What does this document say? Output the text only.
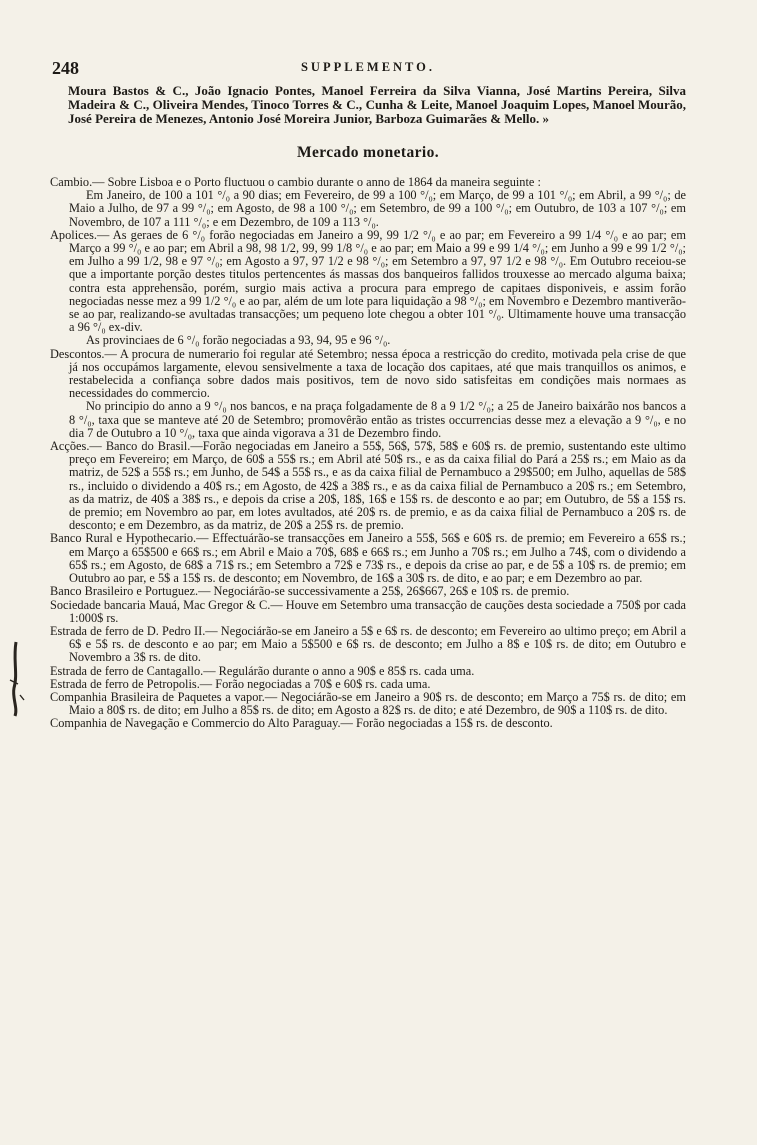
248	SUPPLEMENTO.

Moura Bastos & C., João Ignacio Pontes, Manoel Ferreira da Silva Vianna, José Martins Pereira, Silva Madeira & C., Oliveira Mendes, Tinoco Torres & C., Cunha & Leite, Manoel Joaquim Lopes, Manoel Mourão, José Pereira de Menezes, Antonio José Moreira Junior, Barboza Guimarães & Mello. »

Mercado monetario.

Cambio.— Sobre Lisboa e o Porto fluctuou o cambio durante o anno de 1864 da maneira seguinte :

Em Janeiro, de 100 a 101 °/₀ a 90 dias; em Fevereiro, de 99 a 100 °/₀; em Março, de 99 a 101 °/₀; em Abril, a 99 °/₀; de Maio a Julho, de 97 a 99 °/₀; em Agosto, de 98 a 100 °/₀; em Setembro, de 99 a 100 °/₀; em Outubro, de 103 a 107 °/₀; em Novembro, de 107 a 111 °/₀; e em Dezembro, de 109 a 113 °/₀.

Apolices.— As geraes de 6 °/₀ forão negociadas em Janeiro a 99, 99 1/2 °/₀ e ao par; em Fevereiro a 99 1/4 °/₀ e ao par; em Março a 99 °/₀ e ao par; em Abril a 98, 98 1/2, 99, 99 1/8 °/₀ e ao par; em Maio a 99 e 99 1/4 °/₀; em Junho a 99 e 99 1/2 °/₀; em Julho a 99 1/2, 98 e 97 °/₀; em Agosto a 97, 97 1/2 e 98 °/₀; em Setembro a 97, 97 1/2 e 98 °/₀. Em Outubro receiou-se que a importante porção destes titulos pertencentes ás massas dos banqueiros fallidos trouxesse ao mercado alguma baixa; contra esta apprehensão, porém, surgio mais activa a procura para emprego de capitaes disponiveis, e assim forão negociadas nesse mez a 99 1/2 °/₀ e ao par, além de um lote para liquidação a 98 °/₀; em Novembro e Dezembro mantiverão-se ao par, realizando-se avultadas transacções; um pequeno lote chegou a obter 101 °/₀. Ultimamente houve uma transacção a 96 °/₀ ex-div.

As provinciaes de 6 °/₀ forão negociadas a 93, 94, 95 e 96 °/₀.

Descontos.— A procura de numerario foi regular até Setembro; nessa época a restricção do credito, motivada pela crise de que já nos occupámos largamente, elevou sensivelmente a taxa de locação dos capitaes, até que mais tranquillos os animos, e restabelecida a confiança sobre dados mais positivos, tem de novo sido satisfeitas em condições mais normaes as necessidades do commercio.

No principio do anno a 9 °/₀ nos bancos, e na praça folgadamente de 8 a 9 1/2 °/₀; a 25 de Janeiro baixárão nos bancos a 8 °/₀, taxa que se manteve até 20 de Setembro; promovêrão então as tristes occurrencias desse mez a elevação a 9 °/₀, e no dia 7 de Outubro a 10 °/₀, taxa que ainda vigorava a 31 de Dezembro findo.

Acções.— Banco do Brasil.—Forão negociadas em Janeiro a 55$, 56$, 57$, 58$ e 60$ rs. de premio, sustentando este ultimo preço em Fevereiro; em Março, de 60$ a 55$ rs.; em Abril até 50$ rs., e as da caixa filial do Pará a 25$ rs.; em Maio as da matriz, de 52$ a 55$ rs.; em Junho, de 54$ a 55$ rs., e as da caixa filial de Pernambuco a 29$500; em Julho, aquellas de 58$ rs., incluido o dividendo a 40$ rs.; em Agosto, de 42$ a 38$ rs., e as da caixa filial de Pernambuco a 20$ rs.; em Setembro, as da matriz, de 40$ a 38$ rs., e depois da crise a 20$, 18$, 16$ e 15$ rs. de desconto e ao par; em Outubro, de 5$ a 15$ rs. de premio; em Novembro ao par, em lotes avultados, até 20$ rs. de premio, e as da caixa filial de Pernambuco a 20$ rs. de desconto; e em Dezembro, as da matriz, de 20$ a 25$ rs. de premio.

Banco Rural e Hypothecario.— Effectuárão-se transacções em Janeiro a 55$, 56$ e 60$ rs. de premio; em Fevereiro a 65$ rs.; em Março a 65$500 e 66$ rs.; em Abril e Maio a 70$, 68$ e 66$ rs.; em Junho a 70$ rs.; em Julho a 74$, com o dividendo a 65$ rs.; em Agosto, de 68$ a 71$ rs.; em Setembro a 72$ e 73$ rs., e depois da crise ao par, e de 5$ a 10$ rs. de premio; em Outubro ao par, e 5$ a 15$ rs. de desconto; em Novembro, de 16$ a 30$ rs. de dito, e ao par; e em Dezembro ao par.

Banco Brasileiro e Portuguez.— Negociárão-se successivamente a 25$, 26$667, 26$ e 10$ rs. de premio.

Sociedade bancaria Mauá, Mac Gregor & C.— Houve em Setembro uma transacção de cauções desta sociedade a 750$ por cada 1:000$ rs.

Estrada de ferro de D. Pedro II.— Negociárão-se em Janeiro a 5$ e 6$ rs. de desconto; em Fevereiro ao ultimo preço; em Abril a 6$ e 5$ rs. de desconto e ao par; em Maio a 5$500 e 6$ rs. de desconto; em Julho a 8$ e 10$ rs. de dito; em Outubro e Novembro a 3$ rs. de dito.

Estrada de ferro de Cantagallo.— Regulárão durante o anno a 90$ e 85$ rs. cada uma.

Estrada de ferro de Petropolis.— Forão negociadas a 70$ e 60$ rs. cada uma.

Companhia Brasileira de Paquetes a vapor.— Negociárão-se em Janeiro a 90$ rs. de desconto; em Março a 75$ rs. de dito; em Maio a 80$ rs. de dito; em Julho a 85$ rs. de dito; em Agosto a 82$ rs. de dito; e até Dezembro, de 90$ a 110$ rs. de dito.

Companhia de Navegação e Commercio do Alto Paraguay.— Forão negociadas a 15$ rs. de desconto.
